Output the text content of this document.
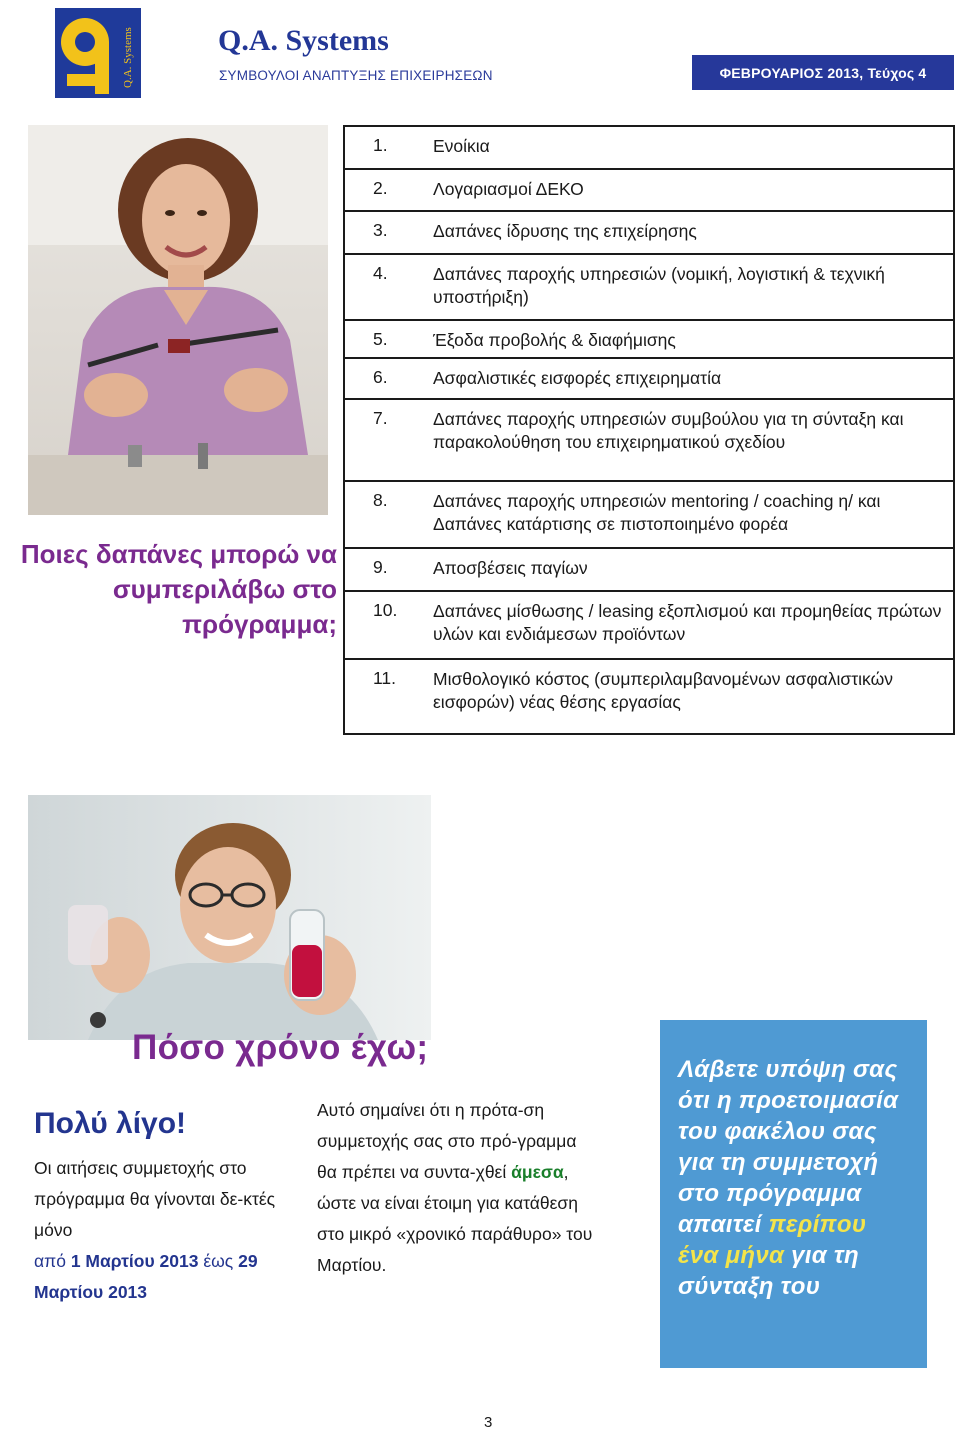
Q.A. Systems	Q.A. Systems
ΣΥΜΒΟΥΛΟΙ ΑΝΑΠΤΥΞΗΣ ΕΠΙΧΕΙΡΗΣΕΩΝ	ΦΕΒΡΟΥΑΡΙΟΣ 2013, Τεύχος 4
Ποιες δαπάνες μπορώ να συμπεριλάβω στο πρόγραμμα;
1.	Ενοίκια
2.	Λογαριασμοί ΔΕΚΟ
3.	Δαπάνες ίδρυσης της επιχείρησης
4.	Δαπάνες παροχής υπηρεσιών (νομική, λογιστική & τεχνική υποστήριξη)
5.	Έξοδα προβολής & διαφήμισης
6.	Ασφαλιστικές εισφορές επιχειρηματία
7.	Δαπάνες παροχής υπηρεσιών συμβούλου για τη σύνταξη και παρακολούθηση του επιχειρηματικού σχεδίου
8.	Δαπάνες παροχής υπηρεσιών mentoring / coaching η/ και Δαπάνες κατάρτισης σε πιστοποιημένο φορέα
9.	Αποσβέσεις παγίων
10. Δαπάνες μίσθωσης / leasing εξοπλισμού και προμηθείας πρώτων υλών και ενδιάμεσων προϊόντων
11. Μισθολογικό κόστος (συμπεριλαμβανομένων ασφαλιστικών εισφορών) νέας θέσης εργασίας
Πόσο χρόνο έχω;
Πολύ λίγο!
Οι αιτήσεις συμμετοχής στο πρόγραμμα θα γίνονται δε-κτές μόνο
από 1 Μαρτίου 2013 έως 29 Μαρτίου 2013
Αυτό σημαίνει ότι η πρότα-ση συμμετοχής σας στο πρό-γραμμα θα πρέπει να συντα-χθεί άμεσα, ώστε να είναι έτοιμη για κατάθεση στο μικρό «χρονικό παράθυρο» του Μαρτίου.

Λάβετε υπόψη σας ότι η προετοιμασία του φακέλου σας για τη συμμετοχή στο πρόγραμμα απαιτεί περίπου ένα μήνα για τη σύνταξη του

3
